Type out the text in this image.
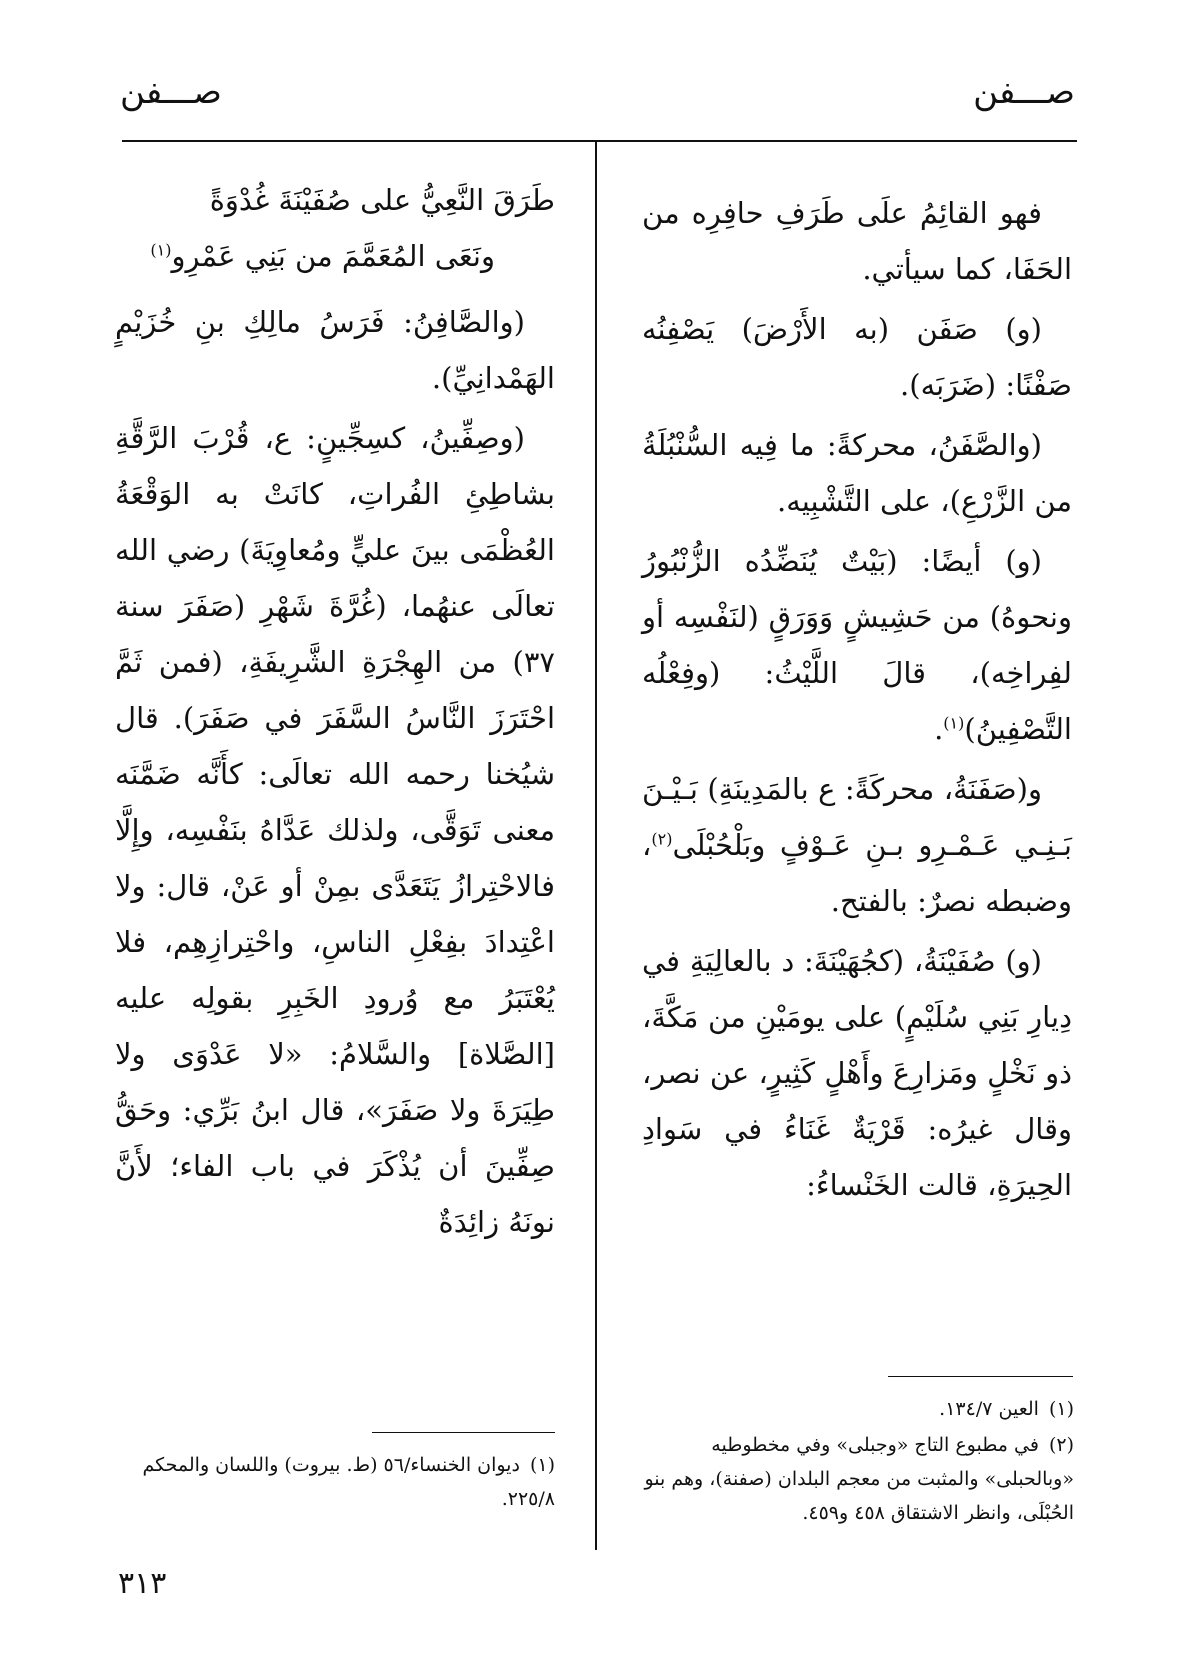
صـــفن
صـــفن

فهو القائِمُ علَى طَرَفِ حافِرِه من الحَفَا، كما سيأتي.

(و) صَفَن (به الأَرْضَ) يَصْفِنُه صَفْنًا: (ضَرَبَه).

(والصَّفَنُ، محركةً: ما فِيه السُّنْبُلَةُ من الزَّرْعِ)، على التَّشْبِيه.

(و) أيضًا: (بَيْتٌ يُنَضِّدُه الزُّنْبُورُ ونحوهُ) من حَشِيشٍ وَوَرَقٍ (لنَفْسِه أو لفِراخِه)، قالَ اللَّيْثُ: (وفِعْلُه التَّصْفِينُ)$^{(١)}$.

و(صَفَنَةُ، محركَةً: ع بالمَدِينَةِ) بَـيْـنَ بَـنِـي عَـمْـرِو بـنِ عَـوْفٍ وبَلْحُبْلَى$^{(٢)}$، وضبطه نصرٌ: بالفتح.

(و) صُفَيْنَةُ، (كجُهَيْنَةَ: د بالعالِيَةِ في دِيارِ بَنِي سُلَيْمٍ) على يومَيْنِ من مَكَّةَ، ذو نَخْلٍ ومَزارِعَ وأَهْلٍ كَثِيرٍ، عن نصر، وقال غيرُه: قَرْيَةٌ غَنَاءُ في سَوادِ الحِيرَةِ، قالت الخَنْساءُ:

طَرَقَ النَّعِيُّ على صُفَيْنَةَ غُدْوَةً
ونَعَى المُعَمَّمَ من بَنِي عَمْرِو$^{(١)}$

(والصَّافِنُ: فَرَسُ مالِكِ بنِ خُزَيْمٍ الهَمْدانِيِّ).

(وصِفِّينُ، كسِجِّينٍ: ع، قُرْبَ الرَّقَّةِ بشاطِئِ الفُراتِ، كانَتْ به الوَقْعَةُ العُظْمَى بينَ عليٍّ ومُعاوِيَةَ) رضي الله تعالَى عنهُما، (غُرَّةَ شَهْرِ (صَفَرَ سنة ٣٧) من الهِجْرَةِ الشَّرِيفَةِ، (فمن ثَمَّ احْتَرَزَ النَّاسُ السَّفَرَ في صَفَرَ). قال شيُخنا رحمه الله تعالَى: كأَنَّه ضَمَّنَه معنى تَوَقَّى، ولذلك عَدَّاهُ بنَفْسِه، وإِلَّا فالاحْتِرازُ يَتَعَدَّى بمِنْ أو عَنْ، قال: ولا اعْتِدادَ بفِعْلِ الناسِ، واحْتِرازِهِم، فلا يُعْتَبَرُ مع وُرودِ الخَبِرِ بقولِه عليه [الصَّلاة] والسَّلامُ: «لا عَدْوَى ولا طِيَرَةَ ولا صَفَرَ»، قال ابنُ بَرِّي: وحَقُّ صِفِّينَ أن يُذْكَرَ في باب الفاء؛ لأَنَّ نونَهُ زائِدَةٌ

(١)العين ١٣٤/٧.

(٢)في مطبوع التاج «وجبلى» وفي مخطوطيه «وبالحبلى» والمثبت من معجم البلدان (صفنة)، وهم بنو الحُبْلَى، وانظر الاشتقاق ٤٥٨ و٤٥٩.

(١)ديوان الخنساء/٥٦ (ط. بيروت) واللسان والمحكم ٢٢٥/٨.

٣١٣
